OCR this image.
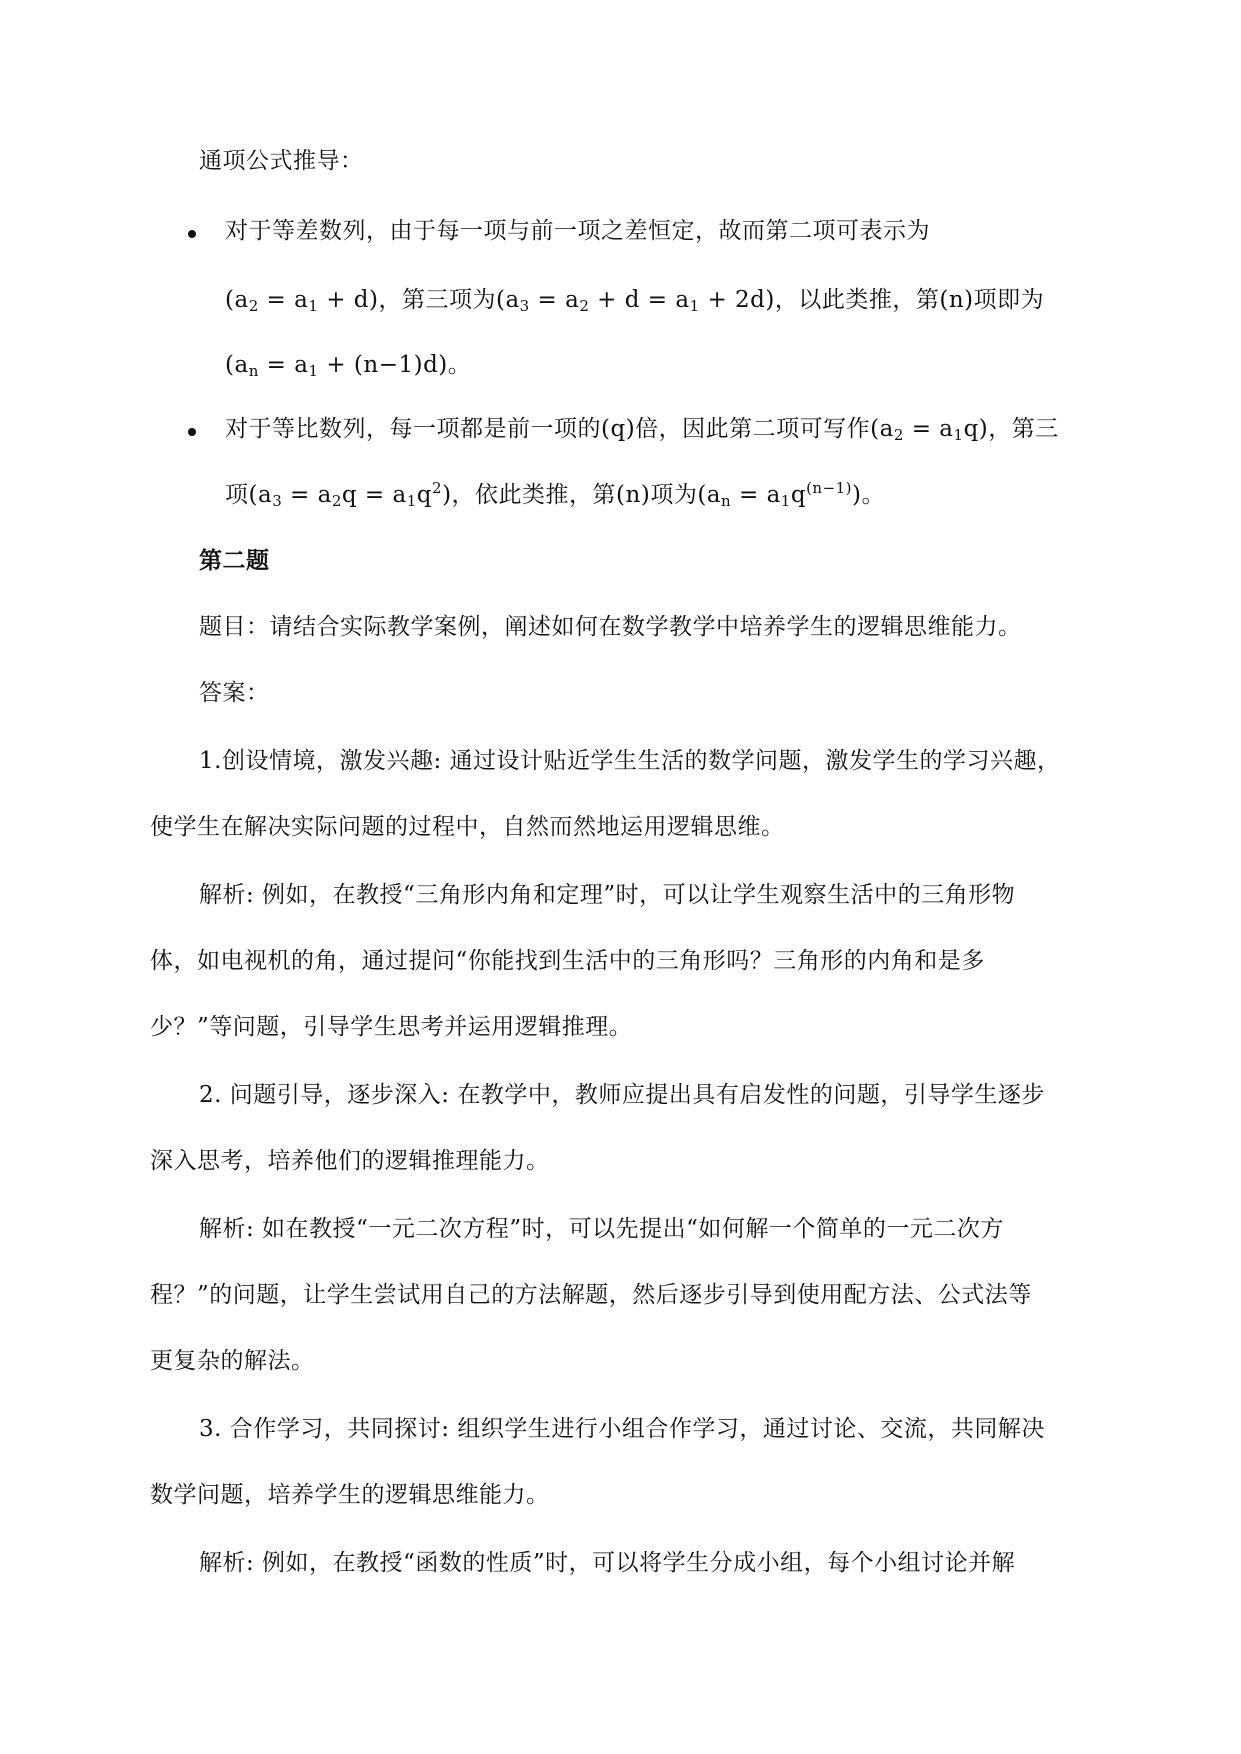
通项公式推导：
对于等差数列，由于每一项与前一项之差恒定，故而第二项可表示为
$(a_2 = a_1 + d)$，第三项为$(a_3 = a_2 + d = a_1 + 2d)$，以此类推，第(n)项即为
$(a_n = a_1 + (n-1)d)$。
对于等比数列，每一项都是前一项的(q)倍，因此第二项可写作$(a_2 = a_1q)$，第三
项$(a_3 = a_2q = a_1q^2)$，依此类推，第(n)项为$(a_n = a_1q^{(n-1)})$。
第二题
题目：请结合实际教学案例，阐述如何在数学教学中培养学生的逻辑思维能力。
答案：
1.创设情境，激发兴趣: 通过设计贴近学生生活的数学问题，激发学生的学习兴趣，
使学生在解决实际问题的过程中，自然而然地运用逻辑思维。
解析: 例如，在教授“三角形内角和定理”时，可以让学生观察生活中的三角形物
体，如电视机的角，通过提问“你能找到生活中的三角形吗？三角形的内角和是多
少？”等问题，引导学生思考并运用逻辑推理。
2. 问题引导，逐步深入: 在教学中，教师应提出具有启发性的问题，引导学生逐步
深入思考，培养他们的逻辑推理能力。
解析: 如在教授“一元二次方程”时，可以先提出“如何解一个简单的一元二次方
程？”的问题，让学生尝试用自己的方法解题，然后逐步引导到使用配方法、公式法等
更复杂的解法。
3. 合作学习，共同探讨: 组织学生进行小组合作学习，通过讨论、交流，共同解决
数学问题，培养学生的逻辑思维能力。
解析: 例如，在教授“函数的性质”时，可以将学生分成小组，每个小组讨论并解
